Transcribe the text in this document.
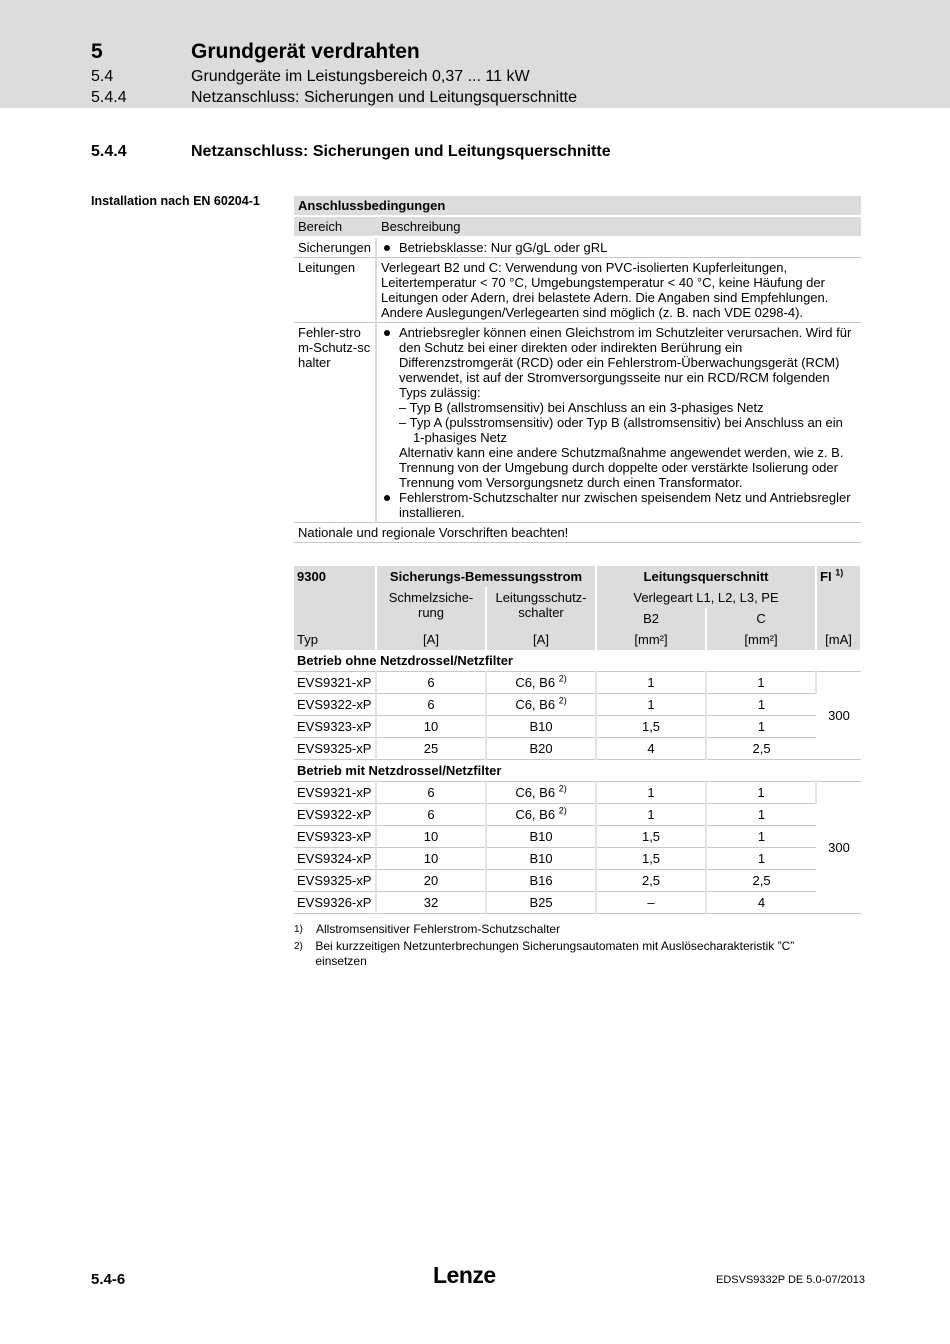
5	Grundgerät verdrahten
5.4	Grundgeräte im Leistungsbereich 0,37 ... 11 kW
5.4.4	Netzanschluss: Sicherungen und Leitungsquerschnitte
5.4.4	Netzanschluss: Sicherungen und Leitungsquerschnitte
Installation nach EN 60204-1	Anschlussbedingungen	
Bereich	Beschreibung
Sicherungen	Betriebsklasse: Nur gG/gL oder gRL

Leitungen	Verlegeart B2 und C: Verwendung von PVC-isolierten Kupferleitungen, Leitertemperatur < 70 °C, Umgebungstemperatur < 40 °C, keine Häufung der Leitungen oder Adern, drei belastete Adern. Die Angaben sind Empfehlungen. Andere Auslegungen/Verlegearten sind möglich (z. B. nach VDE 0298-4).
Fehler-strom-Schutz-schalter	Antriebsregler können einen Gleichstrom im Schutzleiter verursachen. Wird für den Schutz bei einer direkten oder indirekten Berührung ein Differenzstromgerät (RCD) oder ein Fehlerstrom-Überwachungsgerät (RCM) verwendet, ist auf der Stromversorgungsseite nur ein RCD/RCM folgenden Typs zulässig:
– Typ B (allstromsensitiv) bei Anschluss an ein 3-phasiges Netz
– Typ A (pulsstromsensitiv) oder Typ B (allstromsensitiv) bei Anschluss an ein 1-phasiges Netz
Alternativ kann eine andere Schutzmaßnahme angewendet werden, wie z. B. Trennung von der Umgebung durch doppelte oder verstärkte Isolierung oder Trennung vom Versorgungsnetz durch einen Transformator.
Fehlerstrom-Schutzschalter nur zwischen speisendem Netz und Antriebsregler installieren.

Nationale und regionale Vorschriften beachten!	
9300	Sicherungs-Bemessungsstrom		Leitungsquerschnitt		FI $^{1)}$
	Schmelzsiche-rung	Leitungsschutz-schalter	Verlegeart L1, L2, L3, PE		
			B2	C	
Typ	[A]	[A]	[mm²]	[mm²]	[mA]
Betrieb ohne Netzdrossel/Netzfilter					
EVS9321-xP	6	C6, B6 $^{2)}$	1	1	300
EVS9322-xP	6	C6, B6 $^{2)}$	1	1	
EVS9323-xP	10	B10	1,5	1	
EVS9325-xP	25	B20	4	2,5	
Betrieb mit Netzdrossel/Netzfilter					
EVS9321-xP	6	C6, B6 $^{2)}$	1	1	300
EVS9322-xP	6	C6, B6 $^{2)}$	1	1	
EVS9323-xP	10	B10	1,5	1	
EVS9324-xP	10	B10	1,5	1	
EVS9325-xP	20	B16	2,5	2,5	
EVS9326-xP	32	B25	–	4	
1)	Allstromsensitiver Fehlerstrom-Schutzschalter
2)	Bei kurzzeitigen Netzunterbrechungen Sicherungsautomaten mit Auslösecharakteristik ”C” einsetzen
5.4-6	Lenze	EDSVS9332P DE 5.0-07/2013
